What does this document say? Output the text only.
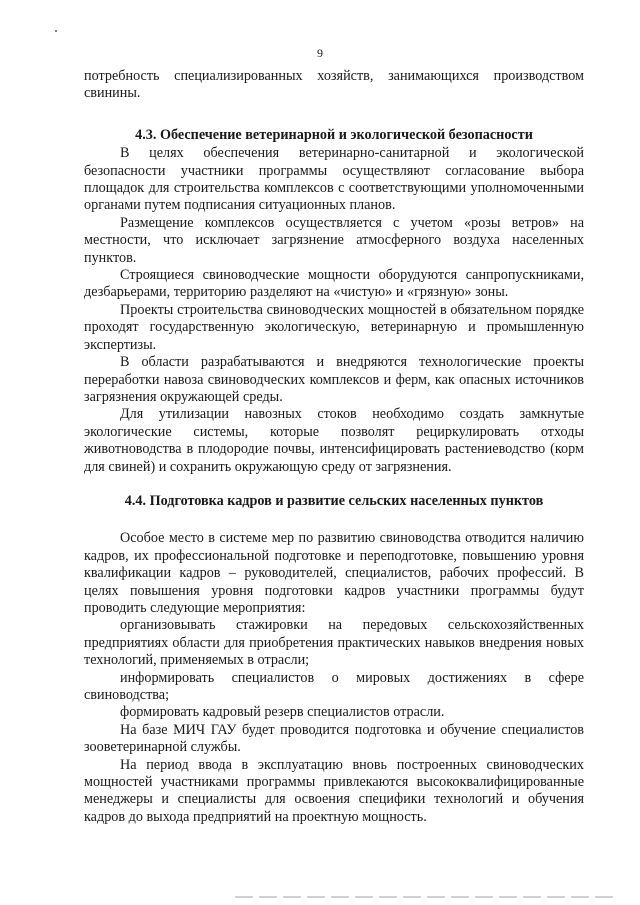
9

потребность специализированных хозяйств, занимающихся производством свинины.

4.3. Обеспечение ветеринарной и экологической безопасности

В целях обеспечения ветеринарно-санитарной и экологической безопасности участники программы осуществляют согласование выбора площадок для строительства комплексов с соответствующими уполномоченными органами путем подписания ситуационных планов.

Размещение комплексов осуществляется с учетом «розы ветров» на местности, что исключает загрязнение атмосферного воздуха населенных пунктов.

Строящиеся свиноводческие мощности оборудуются санпропускниками, дезбарьерами, территорию разделяют на «чистую» и «грязную» зоны.

Проекты строительства свиноводческих мощностей в обязательном порядке проходят государственную экологическую, ветеринарную и промышленную экспертизы.

В области разрабатываются и внедряются технологические проекты переработки навоза свиноводческих комплексов и ферм, как опасных источников загрязнения окружающей среды.

Для утилизации навозных стоков необходимо создать замкнутые экологические системы, которые позволят рециркулировать отходы животноводства в плодородие почвы, интенсифицировать растениеводство (корм для свиней) и сохранить окружающую среду от загрязнения.

4.4. Подготовка кадров и развитие сельских населенных пунктов

Особое место в системе мер по развитию свиноводства отводится наличию кадров, их профессиональной подготовке и переподготовке, повышению уровня квалификации кадров – руководителей, специалистов, рабочих профессий. В целях повышения уровня подготовки кадров участники программы будут проводить следующие мероприятия:

организовывать стажировки на передовых сельскохозяйственных предприятиях области для приобретения практических навыков внедрения новых технологий, применяемых в отрасли;

информировать специалистов о мировых достижениях в сфере свиноводства;

формировать кадровый резерв специалистов отрасли.

На базе МИЧ ГАУ будет проводится подготовка и обучение специалистов зооветеринарной службы.

На период ввода в эксплуатацию вновь построенных свиноводческих мощностей участниками программы привлекаются высококвалифицированные менеджеры и специалисты для освоения специфики технологий и обучения кадров до выхода предприятий на проектную мощность.
